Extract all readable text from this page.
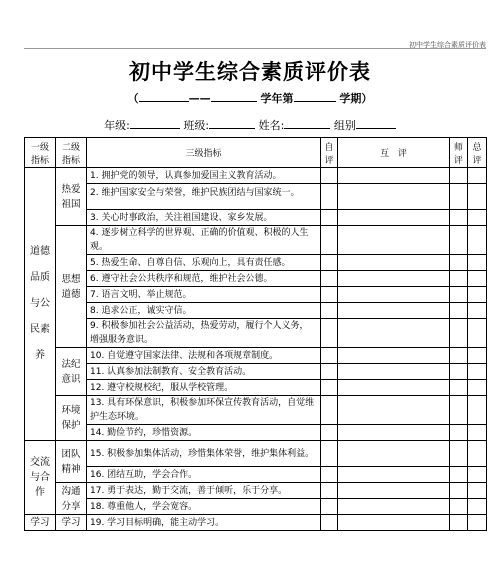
初中学生综合素质评价表
初中学生综合素质评价表
（	——	学年第	学期）
年级:	班级:	姓名:	组别
一级指标	二级指标	三级指标	自评	互　评	师评	总评
道德品质与公民素养	热爱祖国	1. 拥护党的领导，认真参加爱国主义教育活动。				
		2. 维护国家安全与荣誉，维护民族团结与国家统一。				
		3. 关心时事政治，关注祖国建设、家乡发展。				
	思想道德	4. 逐步树立科学的世界观、正确的价值观、积极的人生观。				
		5. 热爱生命、自尊自信、乐观向上，具有责任感。				
		6. 遵守社会公共秩序和规范，维护社会公德。				
		7. 语言文明、举止规范。				
		8. 追求公正，诚实守信。				
		9. 积极参加社会公益活动，热爱劳动，履行个人义务，增强服务意识。				
	法纪意识	10. 自觉遵守国家法律、法规和各项规章制度。				
		11. 认真参加法制教育、安全教育活动。				
		12. 遵守校规校纪，服从学校管理。				
	环境保护	13. 具有环保意识，积极参加环保宣传教育活动，自觉维护生态环境。				
		14. 勤俭节约，珍惜资源。				
交流与合作	团队精神	15. 积极参加集体活动，珍惜集体荣誉，维护集体利益。				
		16. 团结互助，学会合作。				
	沟通分享	17. 勇于表达，勤于交流，善于倾听，乐于分享。				
		18. 尊重他人，学会宽容。				
学习	学习	19. 学习目标明确，能主动学习。				
